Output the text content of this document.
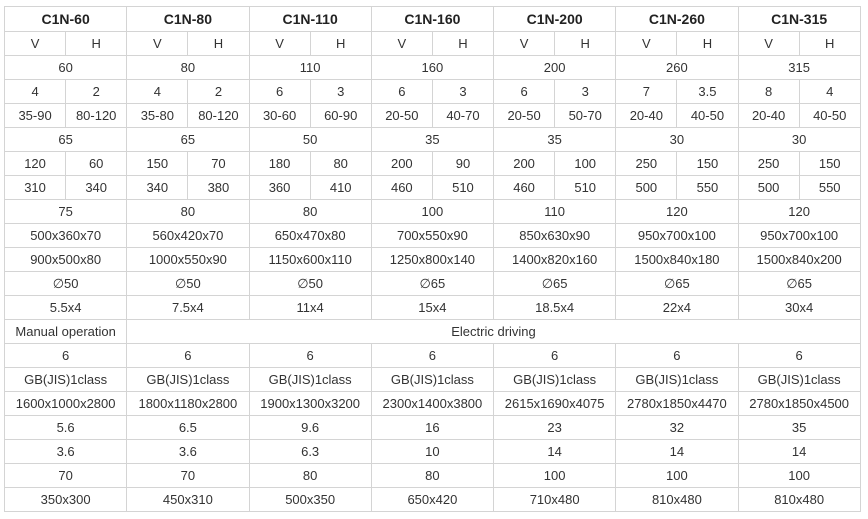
C1N-60		C1N-80		C1N-110		C1N-160		C1N-200		C1N-260		C1N-315	
V	H	V	H	V	H	V	H	V	H	V	H	V	H
60		80		110		160		200		260		315	
4	2	4	2	6	3	6	3	6	3	7	3.5	8	4
35-90	80-120	35-80	80-120	30-60	60-90	20-50	40-70	20-50	50-70	20-40	40-50	20-40	40-50
65		65		50		35		35		30		30	
120	60	150	70	180	80	200	90	200	100	250	150	250	150
310	340	340	380	360	410	460	510	460	510	500	550	500	550
75		80		80		100		110		120		120	
500x360x70		560x420x70		650x470x80		700x550x90		850x630x90		950x700x100		950x700x100	
900x500x80		1000x550x90		1150x600x110		1250x800x140		1400x820x160		1500x840x180		1500x840x200	
∅50		∅50		∅50		∅65		∅65		∅65		∅65	
5.5x4		7.5x4		11x4		15x4		18.5x4		22x4		30x4	
Manual operation		Electric driving											
6		6		6		6		6		6		6	
GB(JIS)1class		GB(JIS)1class		GB(JIS)1class		GB(JIS)1class		GB(JIS)1class		GB(JIS)1class		GB(JIS)1class	
1600x1000x2800		1800x1180x2800		1900x1300x3200		2300x1400x3800		2615x1690x4075		2780x1850x4470		2780x1850x4500	
5.6		6.5		9.6		16		23		32		35	
3.6		3.6		6.3		10		14		14		14	
70		70		80		80		100		100		100	
350x300		450x310		500x350		650x420		710x480		810x480		810x480	
